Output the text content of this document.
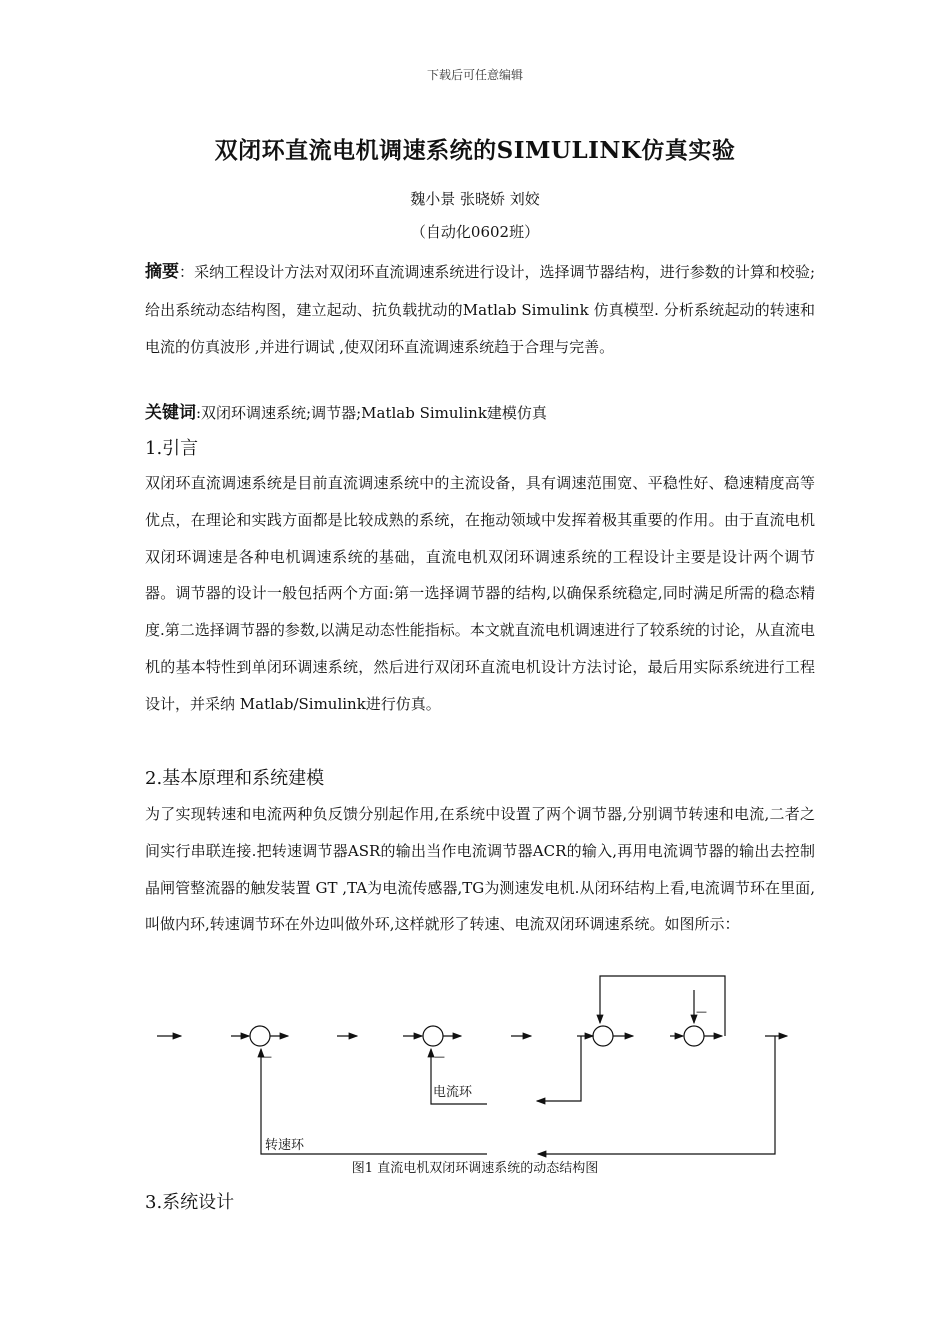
下载后可任意编辑
双闭环直流电机调速系统的SIMULINK仿真实验
魏小景 张晓娇 刘姣
（自动化0602班）
摘要：采纳工程设计方法对双闭环直流调速系统进行设计，选择调节器结构，进行参数的计算和校验;给出系统动态结构图，建立起动、抗负载扰动的Matlab Simulink 仿真模型. 分析系统起动的转速和电流的仿真波形 ,并进行调试 ,使双闭环直流调速系统趋于合理与完善。
关键词:双闭环调速系统;调节器;Matlab Simulink建模仿真
1.引言
双闭环直流调速系统是目前直流调速系统中的主流设备，具有调速范围宽、平稳性好、稳速精度高等优点，在理论和实践方面都是比较成熟的系统，在拖动领域中发挥着极其重要的作用。由于直流电机双闭环调速是各种电机调速系统的基础，直流电机双闭环调速系统的工程设计主要是设计两个调节器。调节器的设计一般包括两个方面:第一选择调节器的结构,以确保系统稳定,同时满足所需的稳态精度.第二选择调节器的参数,以满足动态性能指标。本文就直流电机调速进行了较系统的讨论，从直流电机的基本特性到单闭环调速系统，然后进行双闭环直流电机设计方法讨论，最后用实际系统进行工程设计，并采纳 Matlab/Simulink进行仿真。
2.基本原理和系统建模
为了实现转速和电流两种负反馈分别起作用,在系统中设置了两个调节器,分别调节转速和电流,二者之间实行串联连接.把转速调节器ASR的输出当作电流调节器ACR的输入,再用电流调节器的输出去控制晶闸管整流器的触发装置 GT ,TA为电流传感器,TG为测速发电机.从闭环结构上看,电流调节环在里面,叫做内环,转速调节环在外边叫做外环,这样就形了转速、电流双闭环调速系统。如图所示：
—	—
—
电流环
转速环
图1 直流电机双闭环调速系统的动态结构图
3.系统设计
